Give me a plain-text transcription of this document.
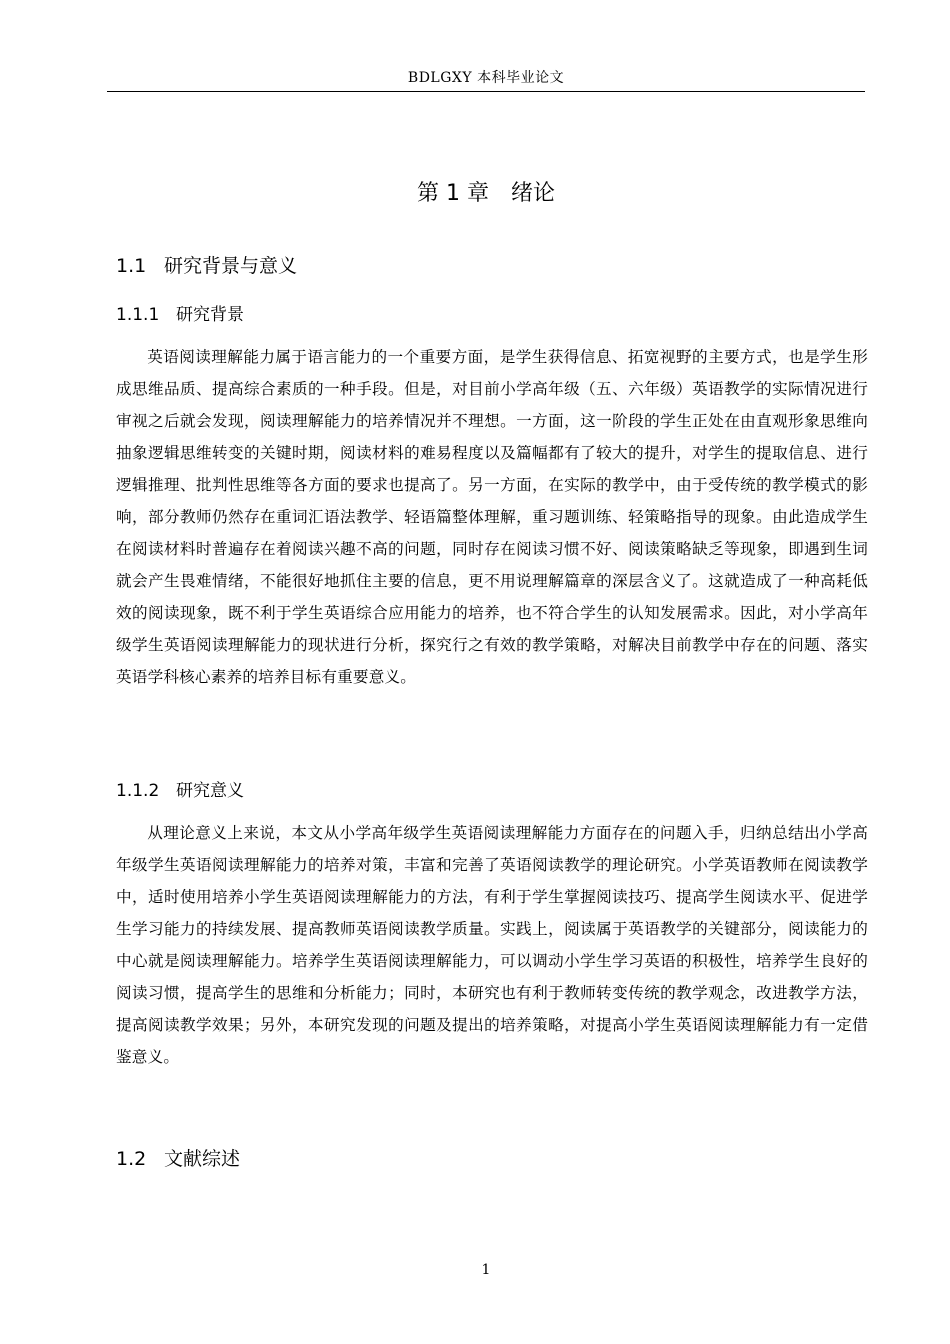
BDLGXY 本科毕业论文
第 1 章 绪论
1.1 研究背景与意义
1.1.1 研究背景
英语阅读理解能力属于语言能力的一个重要方面，是学生获得信息、拓宽视野的主要方式，也是学生形成思维品质、提高综合素质的一种手段。但是，对目前小学高年级（五、六年级）英语教学的实际情况进行审视之后就会发现，阅读理解能力的培养情况并不理想。一方面，这一阶段的学生正处在由直观形象思维向抽象逻辑思维转变的关键时期，阅读材料的难易程度以及篇幅都有了较大的提升，对学生的提取信息、进行逻辑推理、批判性思维等各方面的要求也提高了。另一方面，在实际的教学中，由于受传统的教学模式的影响，部分教师仍然存在重词汇语法教学、轻语篇整体理解，重习题训练、轻策略指导的现象。由此造成学生在阅读材料时普遍存在着阅读兴趣不高的问题，同时存在阅读习惯不好、阅读策略缺乏等现象，即遇到生词就会产生畏难情绪，不能很好地抓住主要的信息，更不用说理解篇章的深层含义了。这就造成了一种高耗低效的阅读现象，既不利于学生英语综合应用能力的培养，也不符合学生的认知发展需求。因此，对小学高年级学生英语阅读理解能力的现状进行分析，探究行之有效的教学策略，对解决目前教学中存在的问题、落实英语学科核心素养的培养目标有重要意义。
1.1.2 研究意义
从理论意义上来说，本文从小学高年级学生英语阅读理解能力方面存在的问题入手，归纳总结出小学高年级学生英语阅读理解能力的培养对策，丰富和完善了英语阅读教学的理论研究。小学英语教师在阅读教学中，适时使用培养小学生英语阅读理解能力的方法，有利于学生掌握阅读技巧、提高学生阅读水平、促进学生学习能力的持续发展、提高教师英语阅读教学质量。实践上，阅读属于英语教学的关键部分，阅读能力的中心就是阅读理解能力。培养学生英语阅读理解能力，可以调动小学生学习英语的积极性，培养学生良好的阅读习惯，提高学生的思维和分析能力；同时，本研究也有利于教师转变传统的教学观念，改进教学方法，提高阅读教学效果；另外，本研究发现的问题及提出的培养策略，对提高小学生英语阅读理解能力有一定借鉴意义。
1.2 文献综述
1
